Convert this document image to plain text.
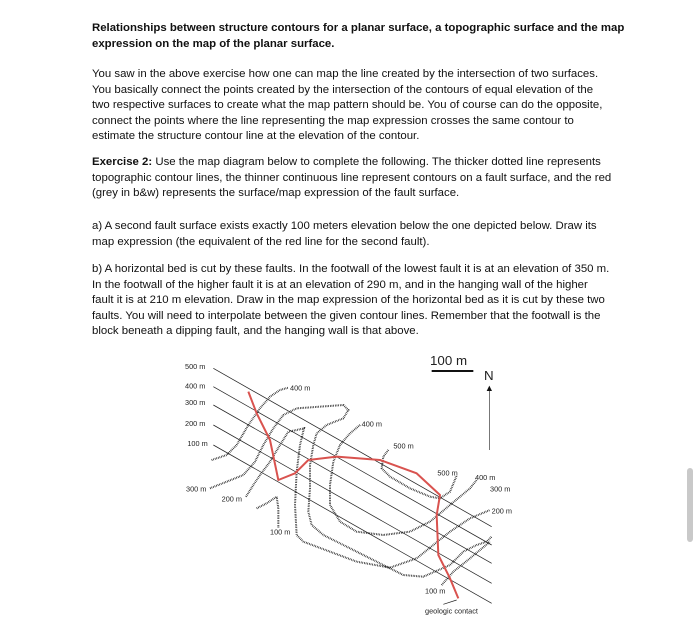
Relationships between structure contours for a planar surface, a topographic surface and the map
expression on the map of the planar surface.
You saw in the above exercise how one can map the line created by the intersection of two surfaces.
You basically connect the points created by the intersection of the contours of equal elevation of the
two respective surfaces to create what the map pattern should be. You of course can do the opposite,
connect the points where the line representing the map expression crosses the same contour to
estimate the structure contour line at the elevation of the contour.
Exercise 2: Use the map diagram below to complete the following. The thicker dotted line represents
topographic contour lines, the thinner continuous line represent contours on a fault surface, and the red
(grey in b&w) represents the surface/map expression of the fault surface.
a) A second fault surface exists exactly 100 meters elevation below the one depicted below. Draw its
map expression (the equivalent of the red line for the second fault).
b) A horizontal bed is cut by these faults. In the footwall of the lowest fault it is at an elevation of 350 m.
In the footwall of the higher fault it is at an elevation of 290 m, and in the hanging wall of the higher
fault it is at 210 m elevation. Draw in the map expression of the horizontal bed as it is cut by these two
faults. You will need to interpolate between the given contour lines. Remember that the footwall is the
block beneath a dipping fault, and the hanging wall is that above.
100 m
N
500 m
400 m
300 m
200 m
100 m
400 m
300 m
200 m
100 m
400 m
500 m
500 m 400 m
300 m
200 m
100 m
geologic contact
